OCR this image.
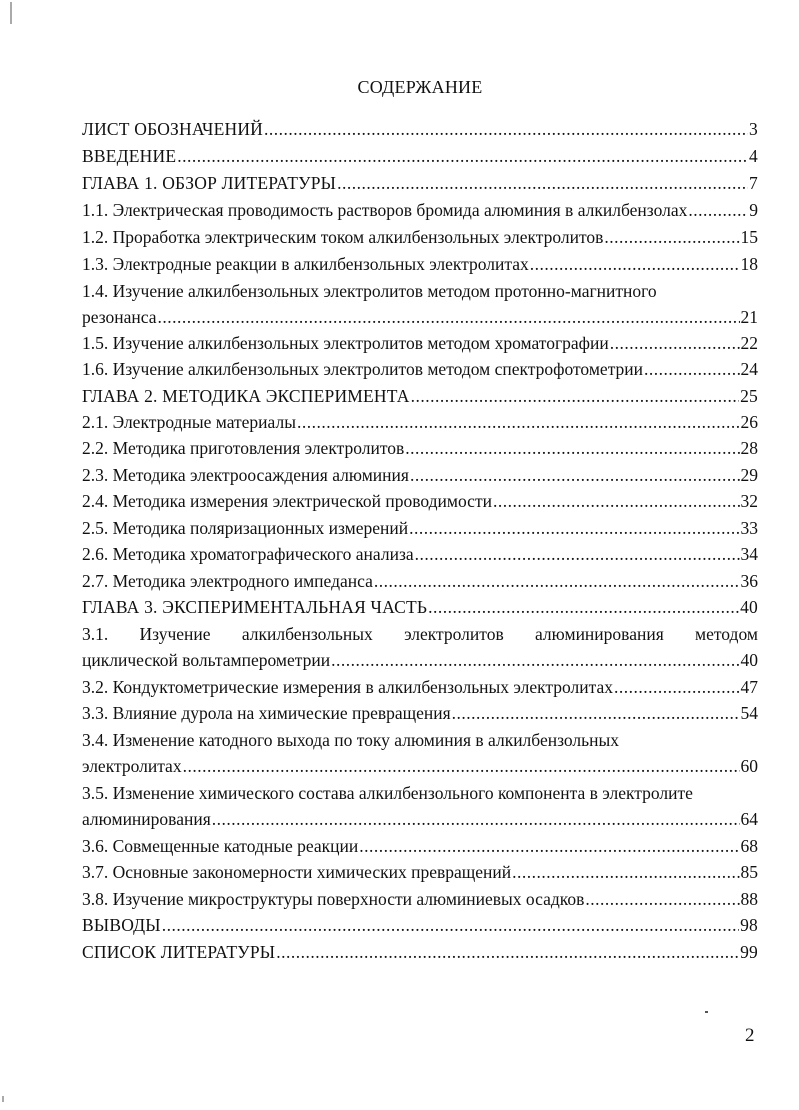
СОДЕРЖАНИЕ
ЛИСТ ОБОЗНАЧЕНИЙ .....	3
ВВЕДЕНИЕ .....	4
ГЛАВА 1. ОБЗОР ЛИТЕРАТУРЫ .....	7
1.1. Электрическая проводимость растворов бромида алюминия в алкилбензолах .....	9
1.2. Проработка электрическим током алкилбензольных электролитов .....	15
1.3. Электродные реакции в алкилбензольных электролитах .....	18
1.4. Изучение алкилбензольных электролитов методом протонно-магнитного
резонанса .....	21
1.5. Изучение алкилбензольных электролитов методом хроматографии .....	22
1.6. Изучение алкилбензольных электролитов методом спектрофотометрии .....	24
ГЛАВА 2. МЕТОДИКА ЭКСПЕРИМЕНТА .....	25
2.1. Электродные материалы .....	26
2.2. Методика приготовления электролитов .....	28
2.3. Методика электроосаждения алюминия .....	29
2.4. Методика измерения электрической проводимости .....	32
2.5. Методика поляризационных измерений .....	33
2.6. Методика хроматографического анализа .....	34
2.7. Методика электродного импеданса .....	36
ГЛАВА 3. ЭКСПЕРИМЕНТАЛЬНАЯ ЧАСТЬ .....	40
3.1. Изучение алкилбензольных электролитов алюминирования методом
циклической вольтамперометрии .....	40
3.2. Кондуктометрические измерения в алкилбензольных электролитах .....	47
3.3. Влияние дурола на химические превращения .....	54
3.4. Изменение катодного выхода по току алюминия в алкилбензольных
электролитах .....	60
3.5. Изменение химического состава алкилбензольного компонента в электролите
алюминирования .....	64
3.6. Совмещенные катодные реакции .....	68
3.7. Основные закономерности химических превращений .....	85
3.8. Изучение микроструктуры поверхности алюминиевых осадков .....	88
ВЫВОДЫ .....	98
СПИСОК ЛИТЕРАТУРЫ .....	99
2
